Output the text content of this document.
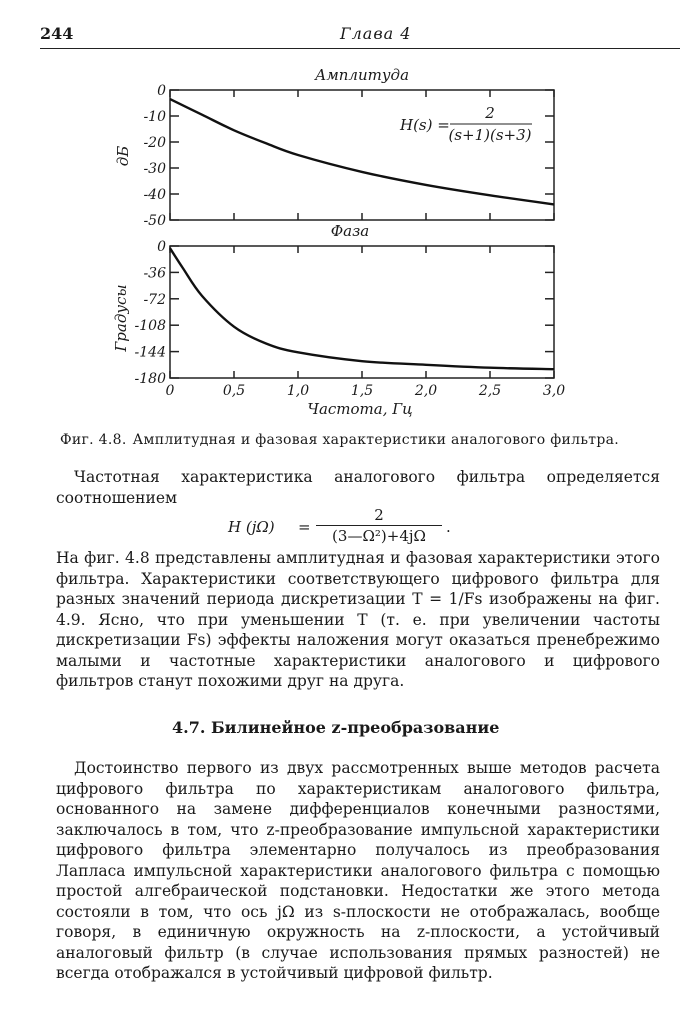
244	Глава 4
Амплитуда
0
-10
-20
-30
-40
-50
дБ
H(s) =
2
(s+1)(s+3)
Фаза
0
-36
-72
-108
-144
-180
0	0,5	1,0	1,5	2,0	2,5	3,0
Градусы
Частота, Гц
Фиг. 4.8. Амплитудная и фазовая характеристики аналогового фильтра.
Частотная характеристика аналогового фильтра определяется соотношением
H $(j\Omega) = \frac{2}{\text{(3—Ω²)+4jΩ}}$ .
На фиг. 4.8 представлены амплитудная и фазовая характеристики этого фильтра. Характеристики соответствующего цифрового фильтра для разных значений периода дискретизации T = 1/Fs изображены на фиг. 4.9. Ясно, что при уменьшении T (т. е. при увеличении частоты дискретизации Fs) эффекты наложения могут оказаться пренебрежимо малыми и частотные характеристики аналогового и цифрового фильтров станут похожими друг на друга.
4.7. Билинейное z-преобразование
Достоинство первого из двух рассмотренных выше методов расчета цифрового фильтра по характеристикам аналогового фильтра, основанного на замене дифференциалов конечными разностями, заключалось в том, что z-преобразование импульсной характеристики цифрового фильтра элементарно получалось из преобразования Лапласа импульсной характеристики аналогового фильтра с помощью простой алгебраической подстановки. Недостатки же этого метода состояли в том, что ось jΩ из s-плоскости не отображалась, вообще говоря, в единичную окружность на z-плоскости, а устойчивый аналоговый фильтр (в случае использования прямых разностей) не всегда отображался в устойчивый цифровой фильтр.
